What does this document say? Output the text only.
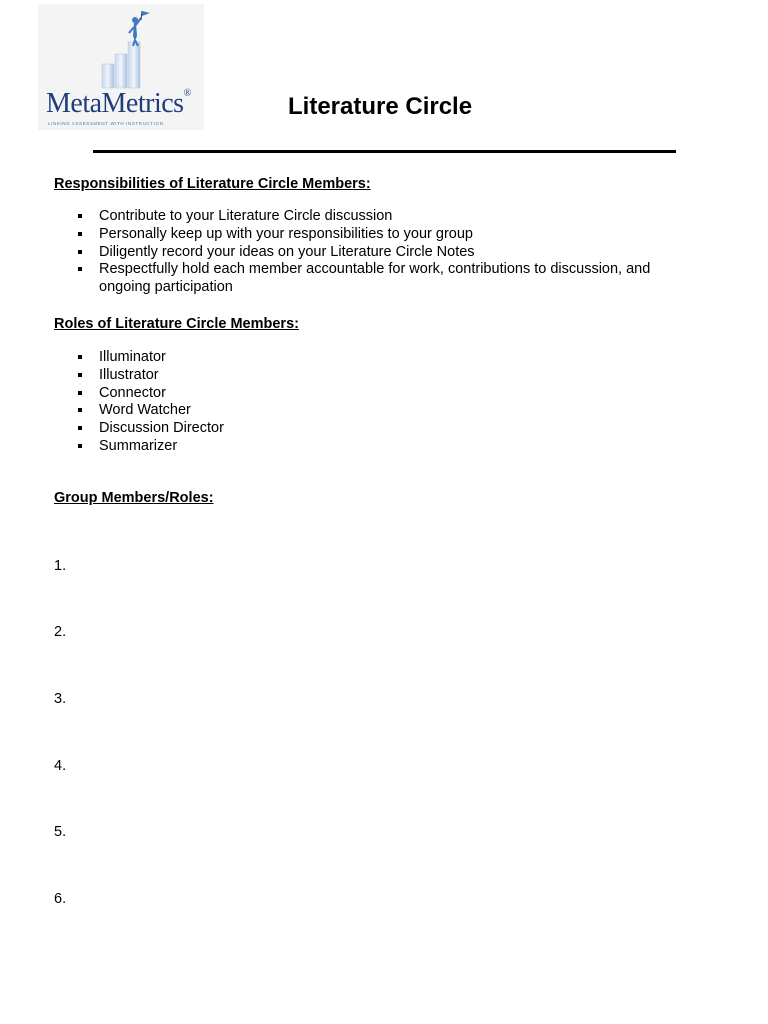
MetaMetrics®
LINKING ASSESSMENT WITH INSTRUCTION
Literature Circle
Responsibilities of Literature Circle Members:
Contribute to your Literature Circle discussion
Personally keep up with your responsibilities to your group
Diligently record your ideas on your Literature Circle Notes
Respectfully hold each member accountable for work, contributions to discussion, and ongoing participation
Roles of Literature Circle Members:
Illuminator
Illustrator
Connector
Word Watcher
Discussion Director
Summarizer
Group Members/Roles:
1.
2.
3.
4.
5.
6.
